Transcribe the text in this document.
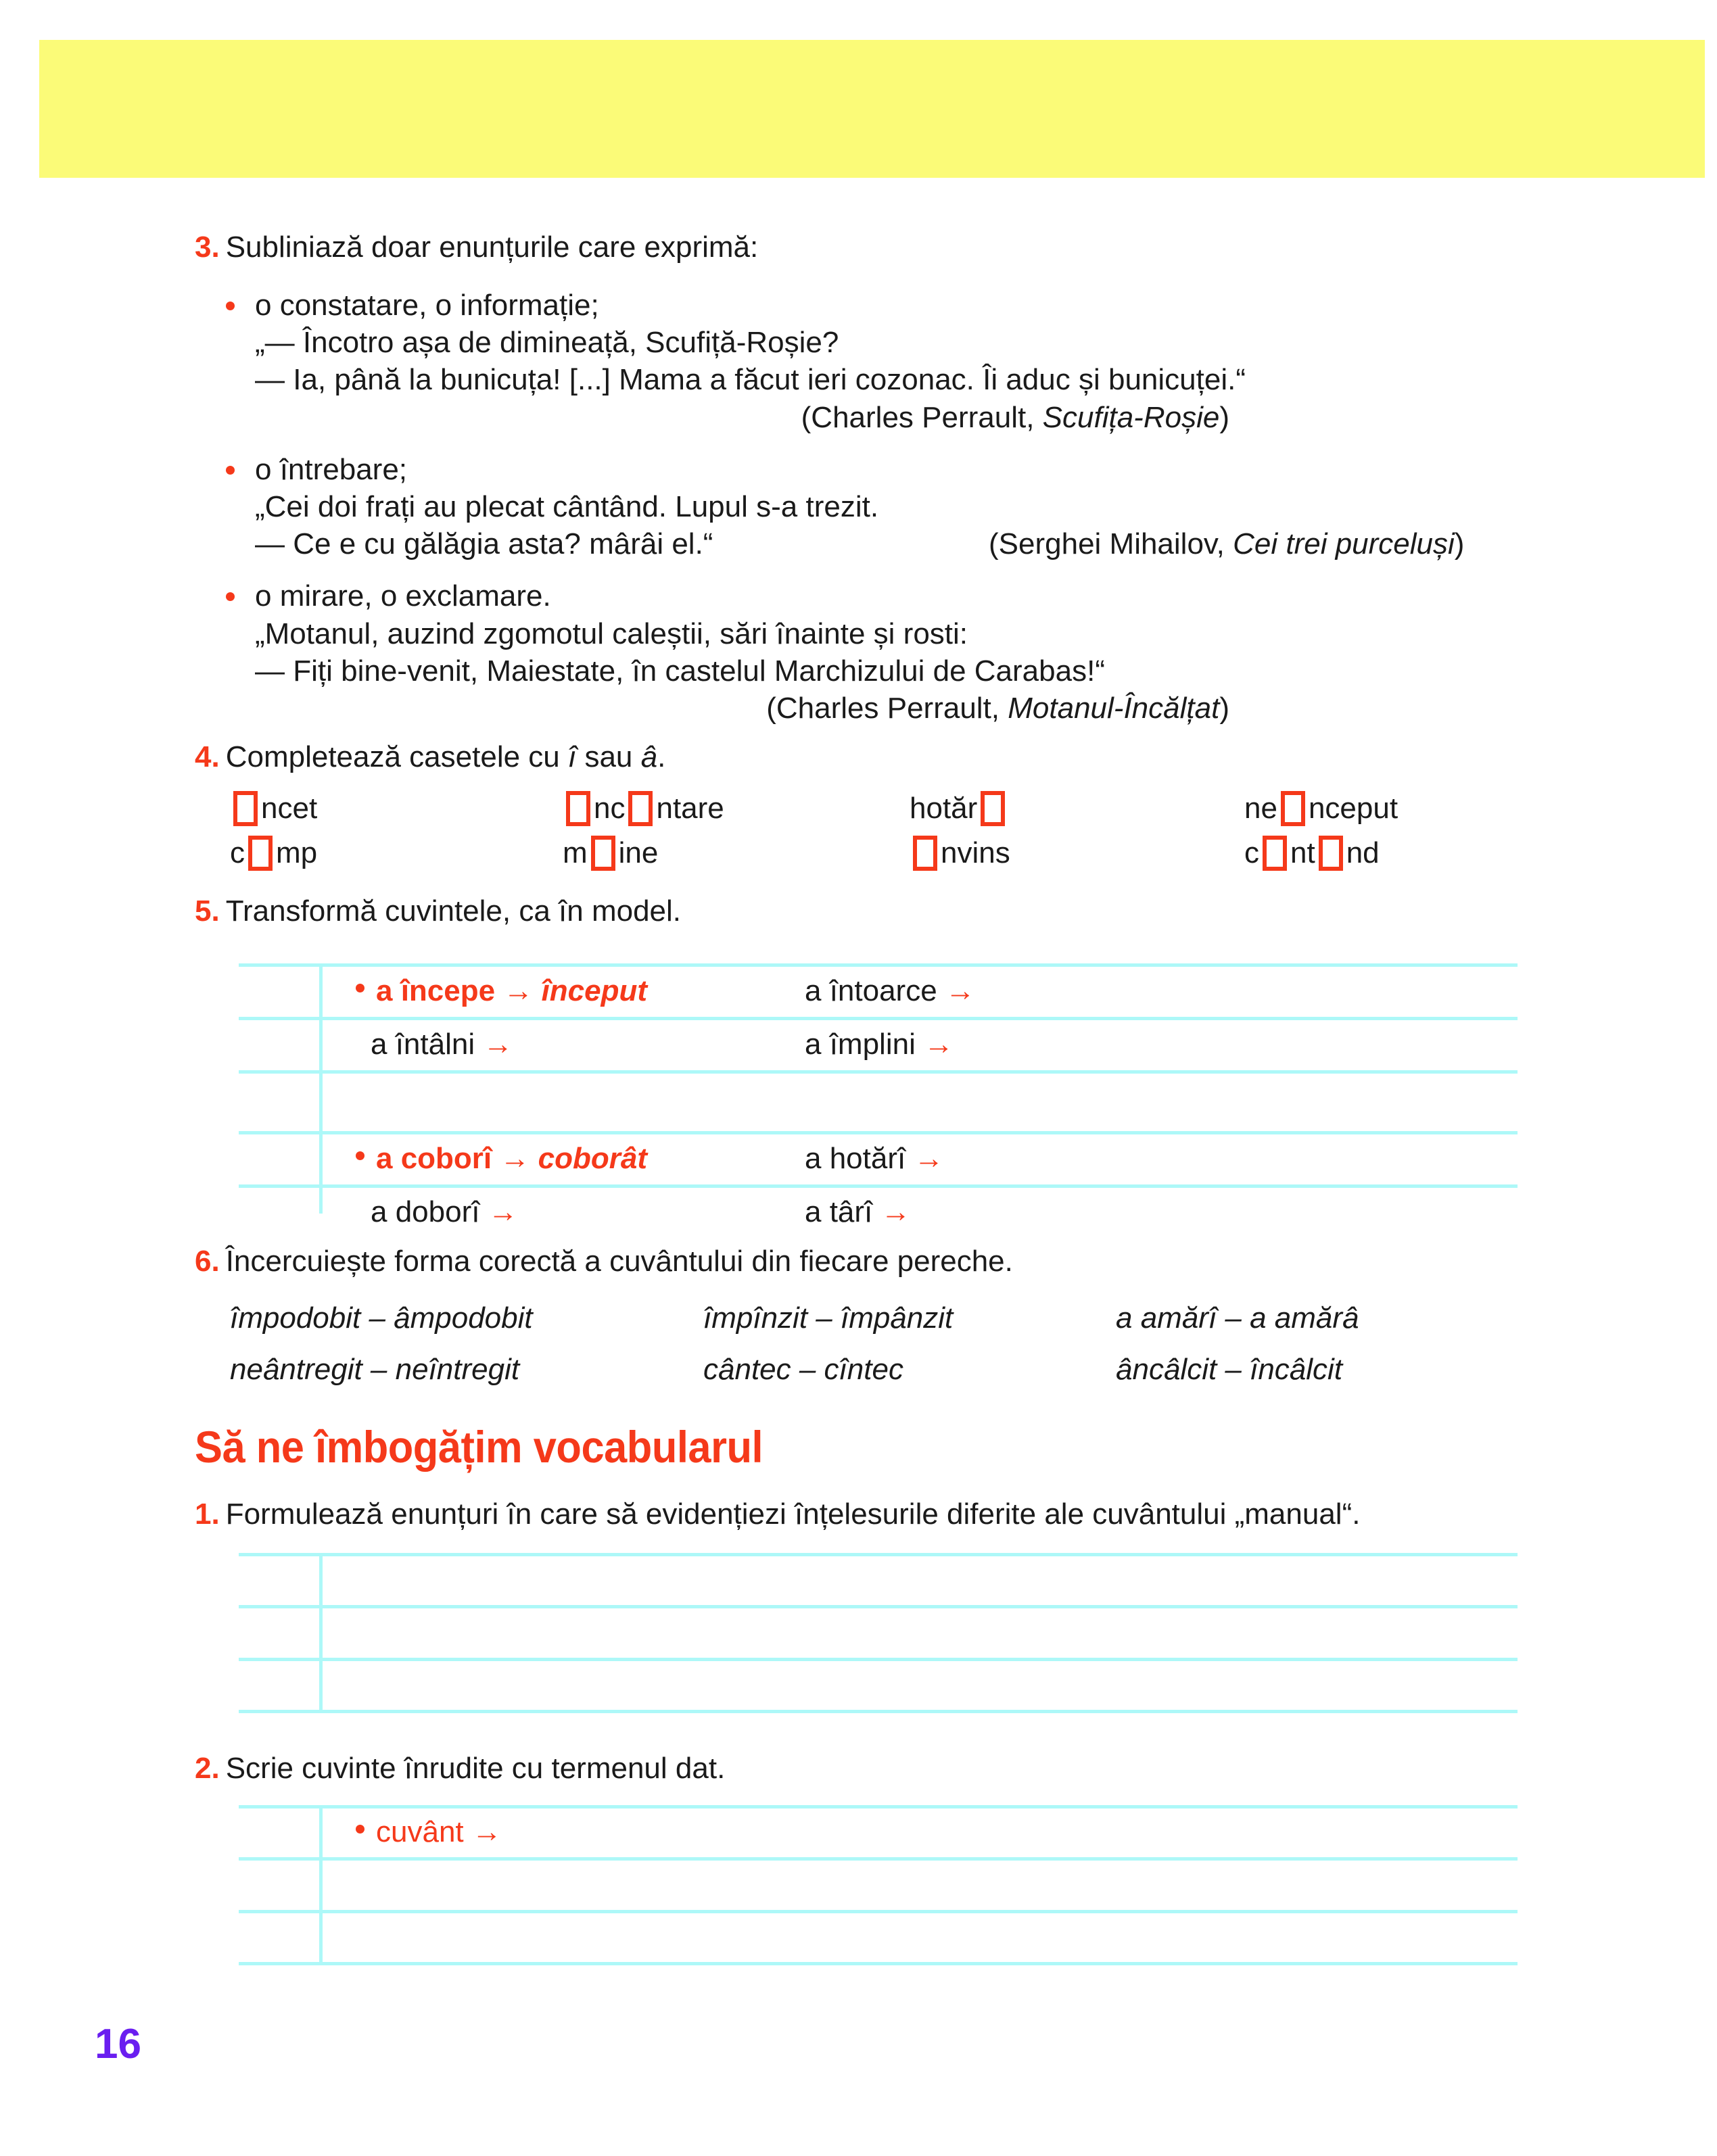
3. Subliniază doar enunțurile care exprimă:
o constatare, o informație;
„— Încotro așa de dimineață, Scufiță-Roșie?
— Ia, până la bunicuța! [...] Mama a făcut ieri cozonac. Îi aduc și bunicuței.“
(Charles Perrault, Scufița-Roșie)
o întrebare;
„Cei doi frați au plecat cântând. Lupul s-a trezit.
— Ce e cu gălăgia asta? mârâi el.“	(Serghei Mihailov, Cei trei purceluși)
o mirare, o exclamare.
„Motanul, auzind zgomotul caleștii, sări înainte și rosti:
— Fiți bine-venit, Maiestate, în castelul Marchizului de Carabas!“
(Charles Perrault, Motanul-Încălțat)
4. Completează casetele cu î sau â.
ncet	nc ntare	hotăr	ne nceput
c mp	m ine	nvins	c nt nd
5. Transformă cuvintele, ca în model.
a începe → început	a întoarce →
a întâlni →	a împlini →
a coborî → coborât	a hotărî →
a doborî →	a târî →
6. Încercuiește forma corectă a cuvântului din fiecare pereche.
împodobit – âmpodobit	împînzit – împânzit	a amărî – a amărâ
neântregit – neîntregit	cântec – cîntec	âncâlcit – încâlcit
Să ne îmbogățim vocabularul
1. Formulează enunțuri în care să evidențiezi înțelesurile diferite ale cuvântului „manual“.
2. Scrie cuvinte înrudite cu termenul dat.
cuvânt →
16
